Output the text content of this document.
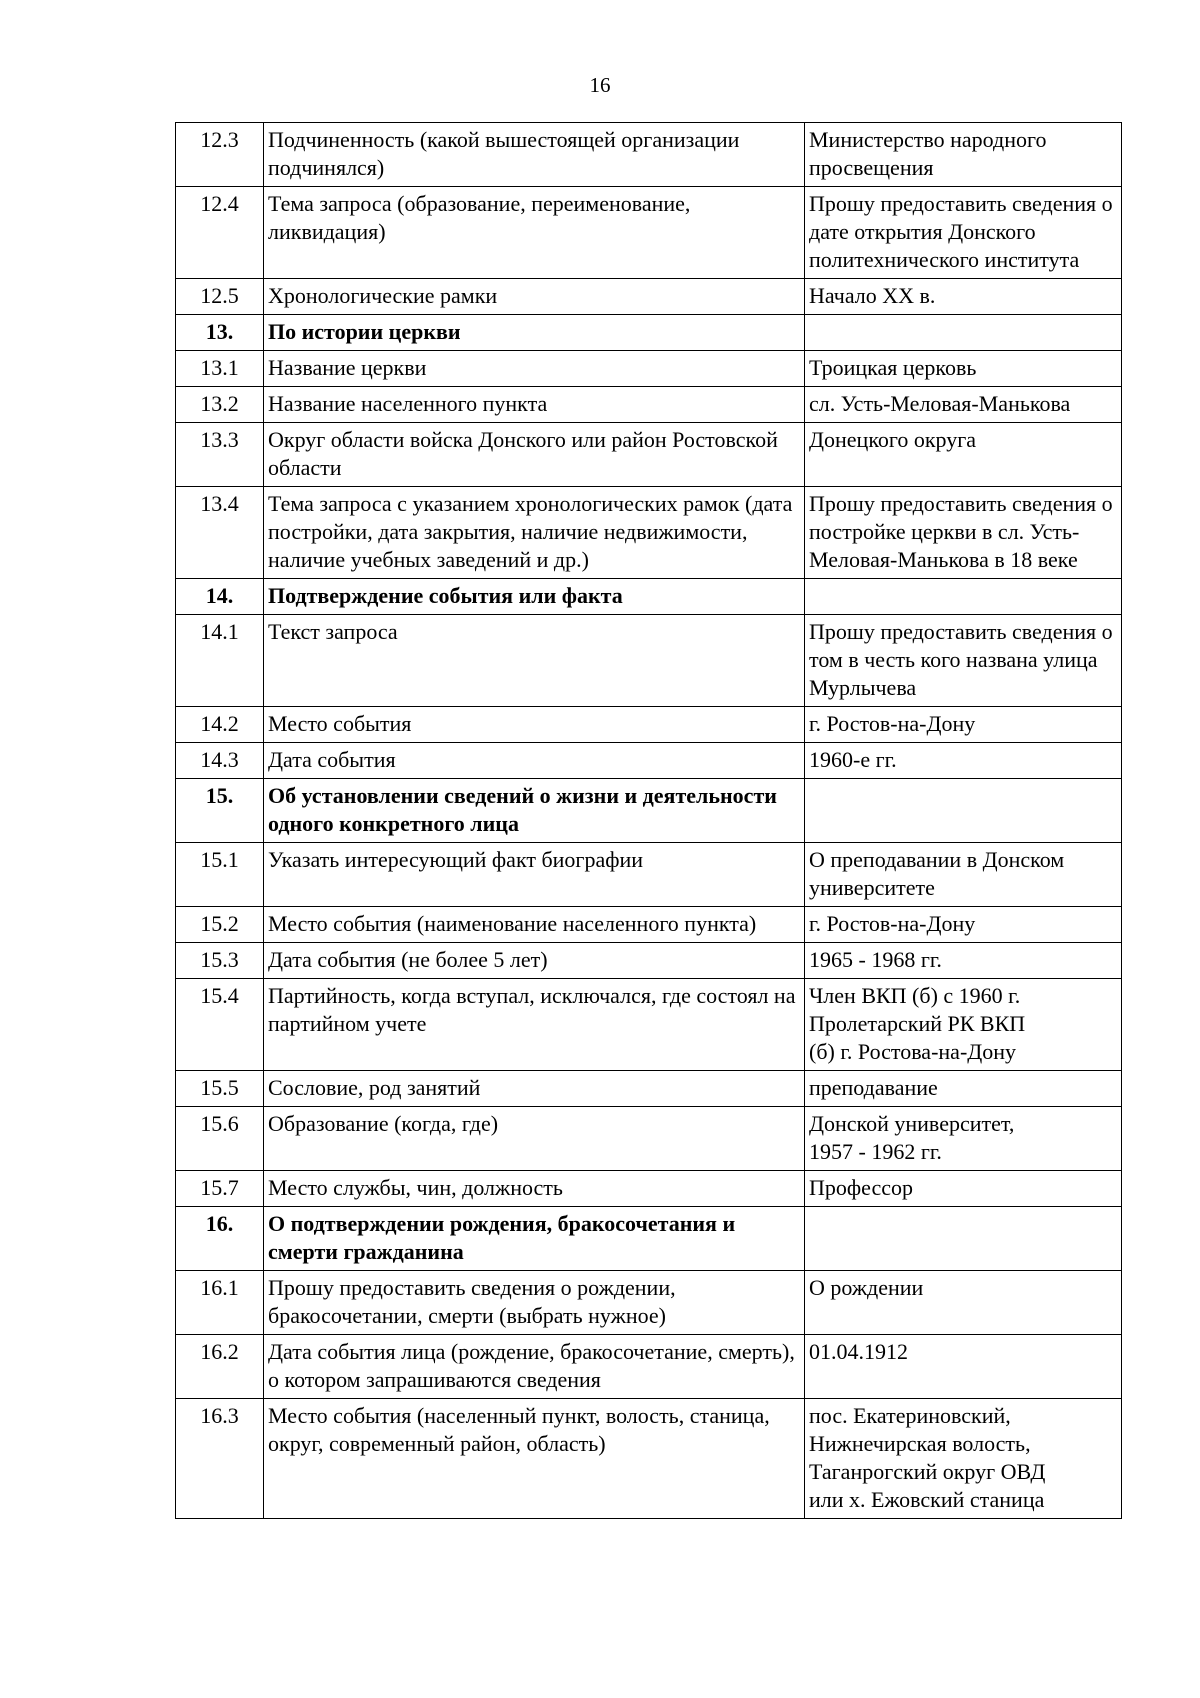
16
12.3	Подчиненность (какой вышестоящей организации подчинялся)	Министерство народного просвещения
12.4	Тема запроса (образование, переименование, ликвидация)	Прошу предоставить сведения о дате открытия Донского политехнического института
12.5	Хронологические рамки	Начало XX в.
13.	По истории церкви	
13.1	Название церкви	Троицкая церковь
13.2	Название населенного пункта	сл. Усть-Меловая-Манькова
13.3	Округ области войска Донского или район Ростовской области	Донецкого округа
13.4	Тема запроса с указанием хронологических рамок (дата постройки, дата закрытия, наличие недвижимости, наличие учебных заведений и др.)	Прошу предоставить сведения о постройке церкви в сл. Усть-Меловая-Манькова в 18 веке
14.	Подтверждение события или факта	
14.1	Текст запроса	Прошу предоставить сведения о том в честь кого названа улица Мурлычева
14.2	Место события	г. Ростов-на-Дону
14.3	Дата события	1960-е гг.
15.	Об установлении сведений о жизни и деятельности одного конкретного лица	
15.1	Указать интересующий факт биографии	О преподавании в Донском университете
15.2	Место события (наименование населенного пункта)	г. Ростов-на-Дону
15.3	Дата события (не более 5 лет)	1965 - 1968 гг.
15.4	Партийность, когда вступал, исключался, где состоял на партийном учете	Член ВКП (б) с 1960 г.
Пролетарский РК ВКП
(б) г. Ростова-на-Дону
15.5	Сословие, род занятий	преподавание
15.6	Образование (когда, где)	Донской университет,
1957 - 1962 гг.
15.7	Место службы, чин, должность	Профессор
16.	О подтверждении рождения, бракосочетания и смерти гражданина	
16.1	Прошу предоставить сведения о рождении, бракосочетании, смерти (выбрать нужное)	О рождении
16.2	Дата события лица (рождение, бракосочетание, смерть), о котором запрашиваются сведения	01.04.1912
16.3	Место события (населенный пункт, волость, станица, округ, современный район, область)	пос. Екатериновский,
Нижнечирская волость,
Таганрогский округ ОВД
или х. Ежовский станица
